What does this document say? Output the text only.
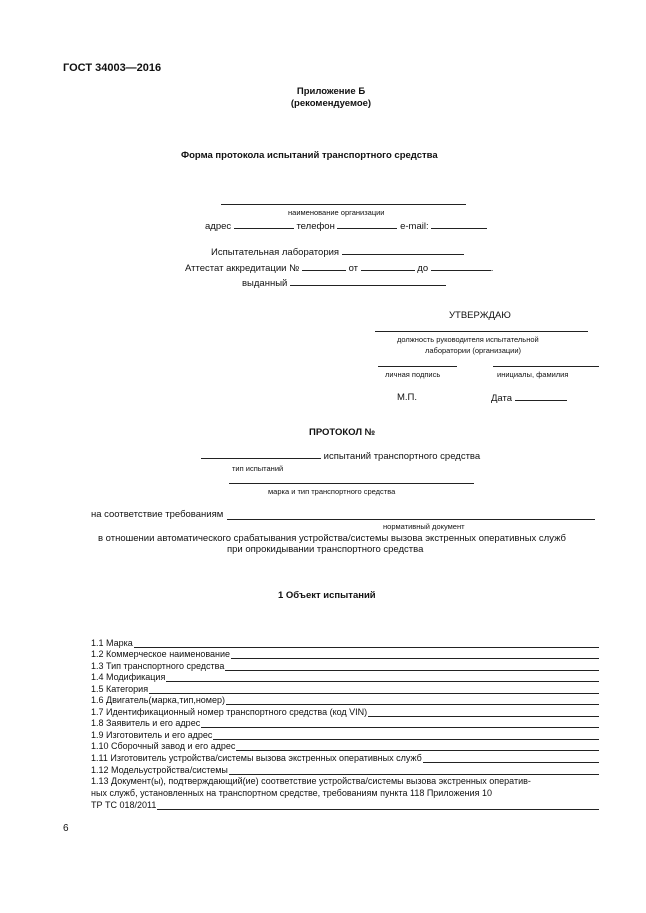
ГОСТ 34003—2016
Приложение Б
(рекомендуемое)
Форма протокола испытаний транспортного средства
наименование организации
адрес	телефон	e-mail:
Испытательная лаборатория
Аттестат аккредитации №	от	до	.
выданный
УТВЕРЖДАЮ
должность руководителя испытательной
лаборатории (организации)
личная подпись	инициалы, фамилия
М.П.	Дата
ПРОТОКОЛ №
испытаний транспортного средства
тип испытаний
марка и тип транспортного средства
на соответствие требованиям
нормативный документ
в отношении автоматического срабатывания устройства/системы вызова экстренных оперативных служб
при опрокидывании транспортного средства
1 Объект испытаний
1.1 Марка
1.2 Коммерческое наименование
1.3 Тип транспортного средства
1.4 Модификация
1.5 Категория
1.6 Двигатель(марка,тип,номер)
1.7 Идентификационный номер транспортного средства (код VIN)
1.8 Заявитель и его адрес
1.9 Изготовитель и его адрес
1.10 Сборочный завод и его адрес
1.11 Изготовитель устройства/системы вызова экстренных оперативных служб
1.12 Модельустройства/системы
1.13 Документ(ы), подтверждающий(ие) соответствие устройства/системы вызова экстренных оператив-
ных служб, установленных на транспортном средстве, требованиям пункта 118 Приложения 10
ТР ТС 018/2011
6
